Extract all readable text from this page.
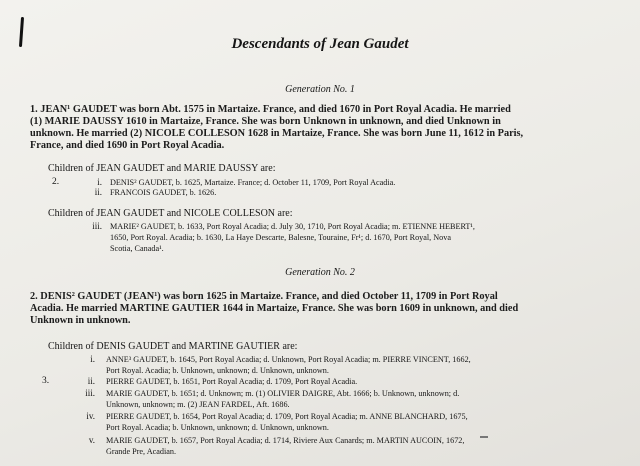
Descendants of Jean Gaudet
Generation No. 1
1. JEAN¹ GAUDET was born Abt. 1575 in Martaize. France, and died 1670 in Port Royal Acadia. He married
(1) MARIE DAUSSY 1610 in Martaize, France. She was born Unknown in unknown, and died Unknown in
unknown. He married (2) NICOLE COLLESON 1628 in Martaize, France. She was born June 11, 1612 in Paris,
France, and died 1690 in Port Royal Acadia.
Children of JEAN GAUDET and MARIE DAUSSY are:
2.	i. DENIS² GAUDET, b. 1625, Martaize. France; d. October 11, 1709, Port Royal Acadia.
ii. FRANCOIS GAUDET, b. 1626.
Children of JEAN GAUDET and NICOLE COLLESON are:
iii. MARIE² GAUDET, b. 1633, Port Royal Acadia; d. July 30, 1710, Port Royal Acadia; m. ETIENNE HEBERT¹,
1650, Port Royal. Acadia; b. 1630, La Haye Descarte, Balesne, Touraine, Fr¹; d. 1670, Port Royal, Nova
Scotia, Canada¹.
Generation No. 2
2. DENIS² GAUDET (JEAN¹) was born 1625 in Martaize. France, and died October 11, 1709 in Port Royal
Acadia. He married MARTINE GAUTIER 1644 in Martaize, France. She was born 1609 in unknown, and died
Unknown in unknown.
Children of DENIS GAUDET and MARTINE GAUTIER are:
3.
i. ANNE³ GAUDET, b. 1645, Port Royal Acadia; d. Unknown, Port Royal Acadia; m. PIERRE VINCENT, 1662,
Port Royal. Acadia; b. Unknown, unknown; d. Unknown, unknown.
ii. PIERRE GAUDET, b. 1651, Port Royal Acadia; d. 1709, Port Royal Acadia.
iii. MARIE GAUDET, b. 1651; d. Unknown; m. (1) OLIVIER DAIGRE, Abt. 1666; b. Unknown, unknown; d.
Unknown, unknown; m. (2) JEAN FARDEL, Aft. 1686.
iv. PIERRE GAUDET, b. 1654, Port Royal Acadia; d. 1709, Port Royal Acadia; m. ANNE BLANCHARD, 1675,
Port Royal. Acadia; b. Unknown, unknown; d. Unknown, unknown.
v. MARIE GAUDET, b. 1657, Port Royal Acadia; d. 1714, Riviere Aux Canards; m. MARTIN AUCOIN, 1672,
Grande Pre, Acadian.
